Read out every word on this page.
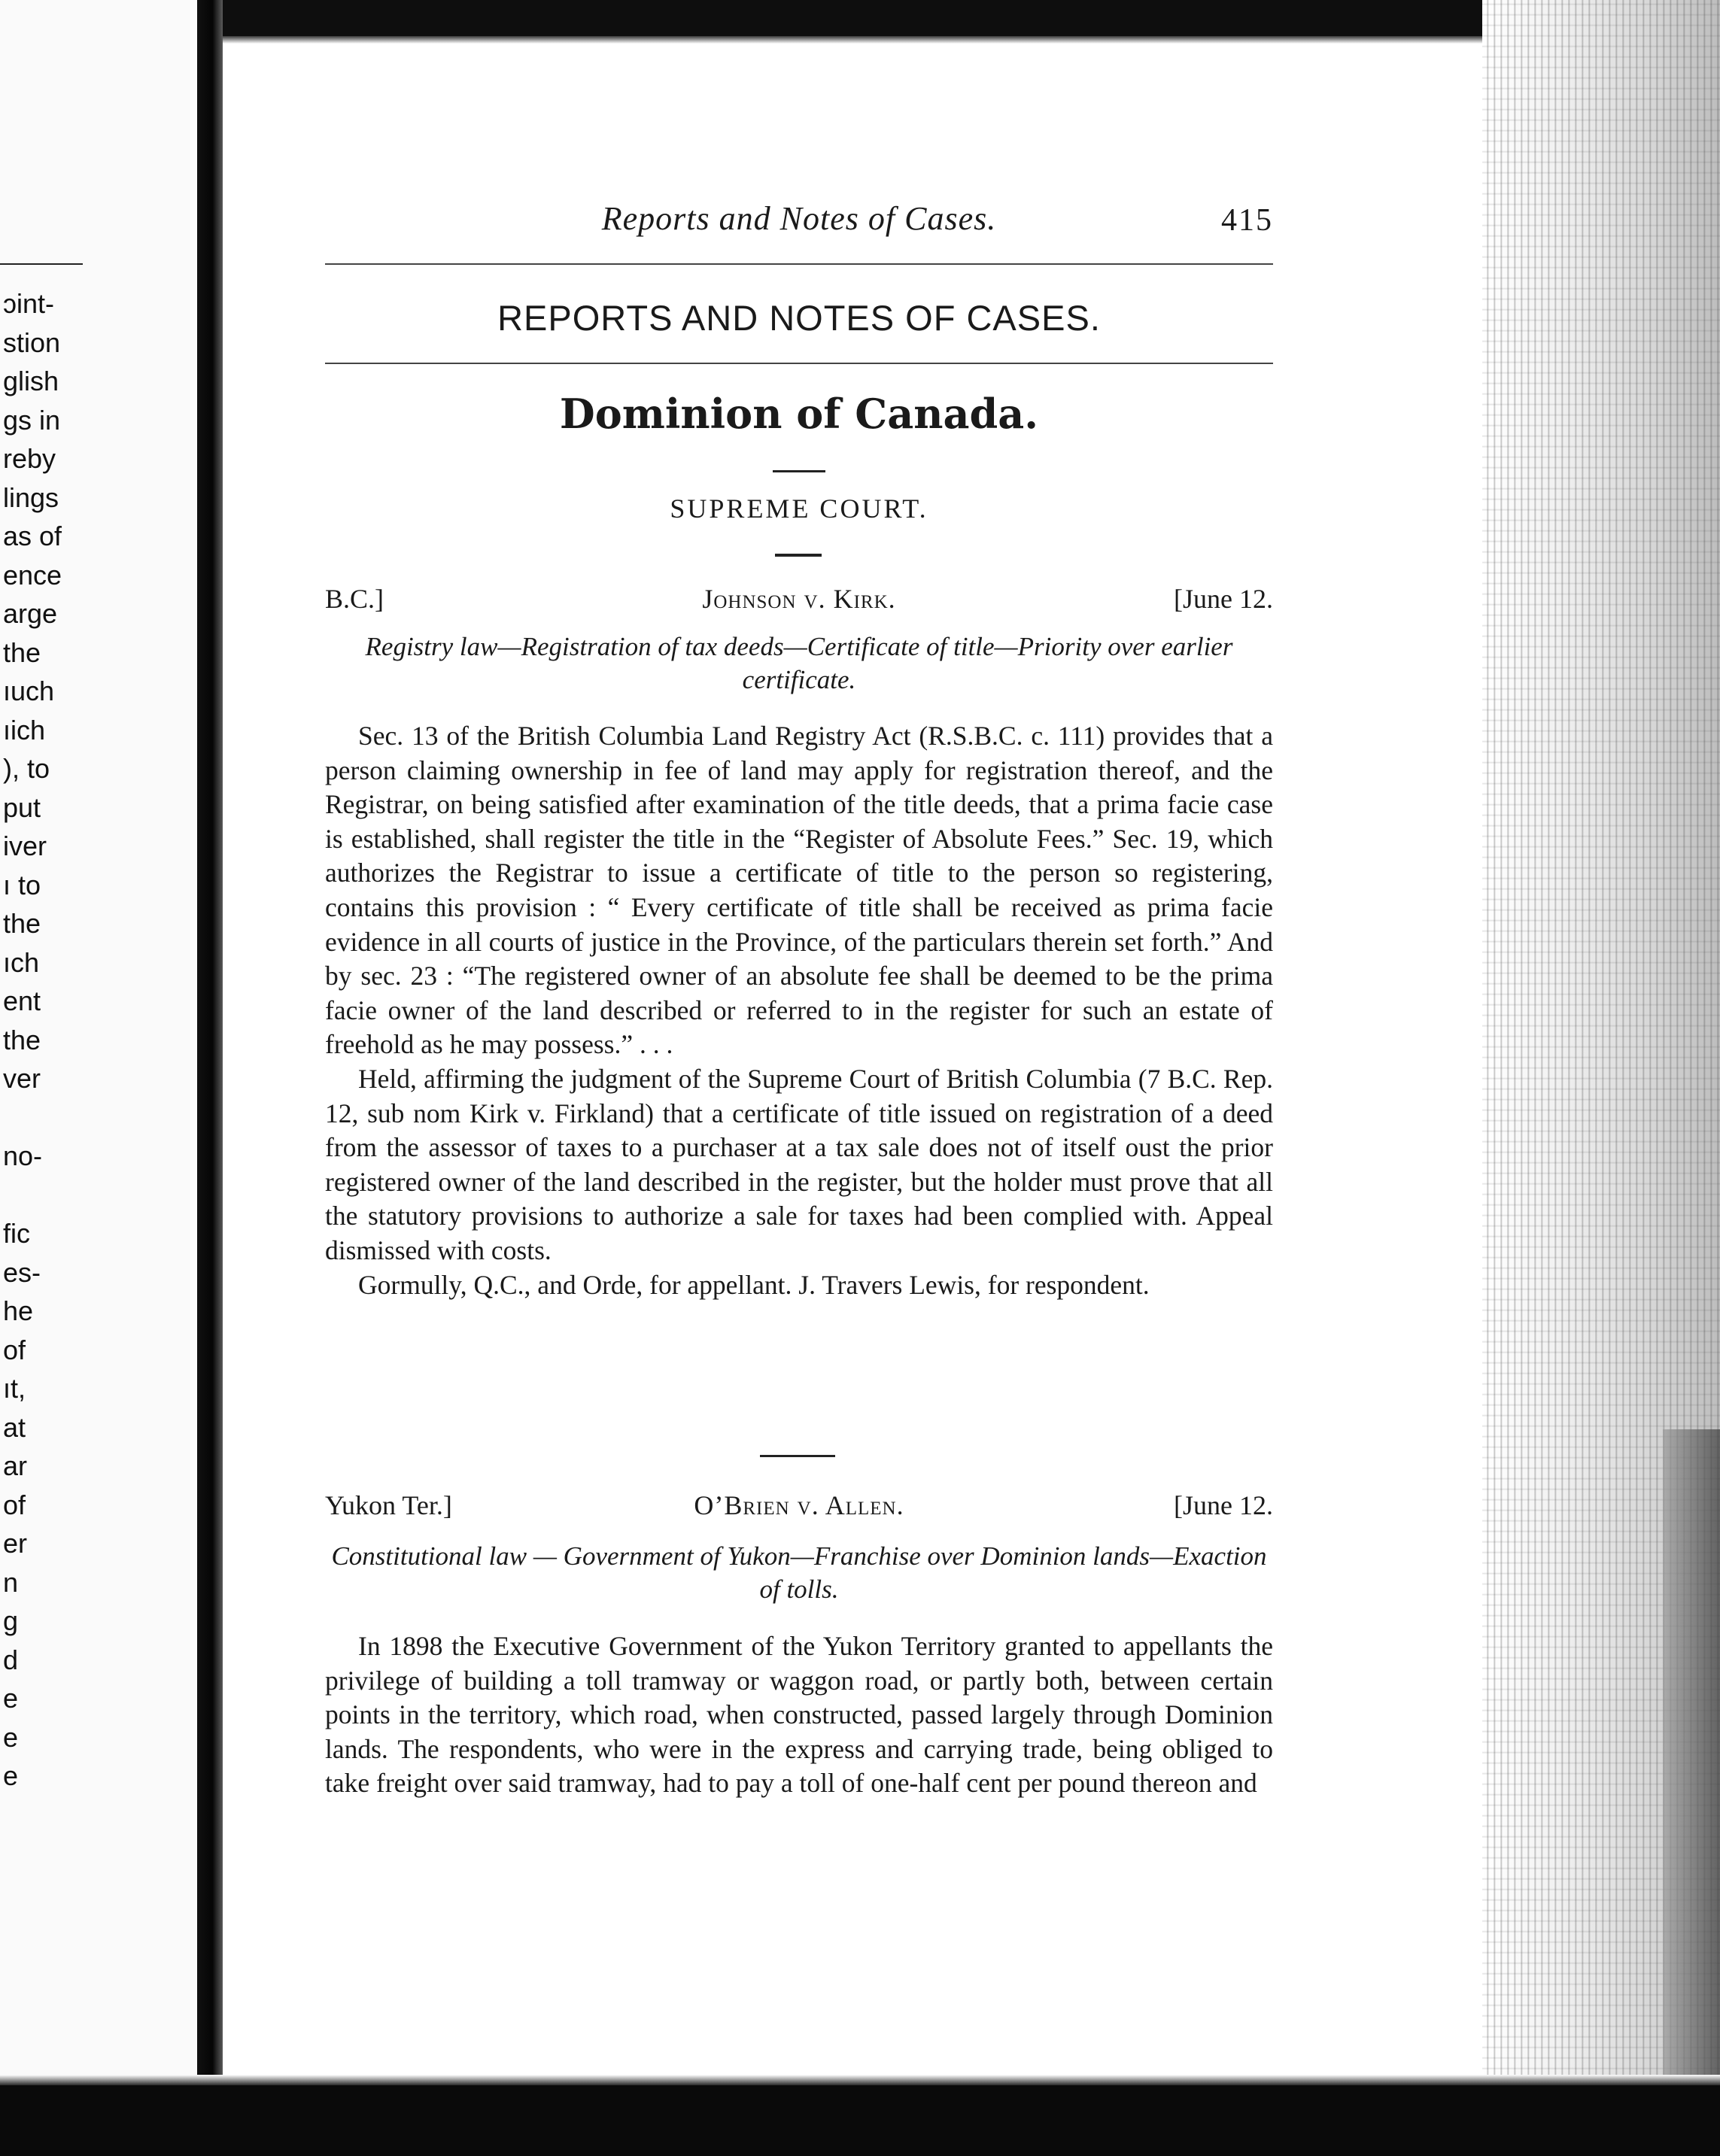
ɔint-
stion
glish
gs in
reby
lings
as of
ence
arge
the
ıuch
ıich
), to
put
iver
ı to
the
ıch
ent
the
ver
no-
fic
es-
he
of
ıt,
at
ar
of
er
n
g
d
e
e
e
Reports and Notes of Cases.	415
REPORTS AND NOTES OF CASES.
Dominion of Canada.
SUPREME COURT.
B.C.]	Johnson v. Kirk.	[June 12.
Registry law—Registration of tax deeds—Certificate of title—Priority over earlier certificate.

Sec. 13 of the British Columbia Land Registry Act (R.S.B.C. c. 111) provides that a person claiming ownership in fee of land may apply for registration thereof, and the Registrar, on being satisfied after examination of the title deeds, that a prima facie case is established, shall register the title in the “Register of Absolute Fees.” Sec. 19, which authorizes the Registrar to issue a certificate of title to the person so registering, contains this provision : “ Every certificate of title shall be received as prima facie evidence in all courts of justice in the Province, of the particulars therein set forth.” And by sec. 23 : “The registered owner of an absolute fee shall be deemed to be the prima facie owner of the land described or referred to in the register for such an estate of freehold as he may possess.” . . .

Held, affirming the judgment of the Supreme Court of British Columbia (7 B.C. Rep. 12, sub nom Kirk v. Firkland) that a certificate of title issued on registration of a deed from the assessor of taxes to a purchaser at a tax sale does not of itself oust the prior registered owner of the land described in the register, but the holder must prove that all the statutory provisions to authorize a sale for taxes had been complied with. Appeal dismissed with costs.

Gormully, Q.C., and Orde, for appellant. J. Travers Lewis, for respondent.

Yukon Ter.]	O’Brien v. Allen.	[June 12.
Constitutional law — Government of Yukon—Franchise over Dominion lands—Exaction of tolls.

In 1898 the Executive Government of the Yukon Territory granted to appellants the privilege of building a toll tramway or waggon road, or partly both, between certain points in the territory, which road, when constructed, passed largely through Dominion lands. The respondents, who were in the express and carrying trade, being obliged to take freight over said tramway, had to pay a toll of one-half cent per pound thereon and
